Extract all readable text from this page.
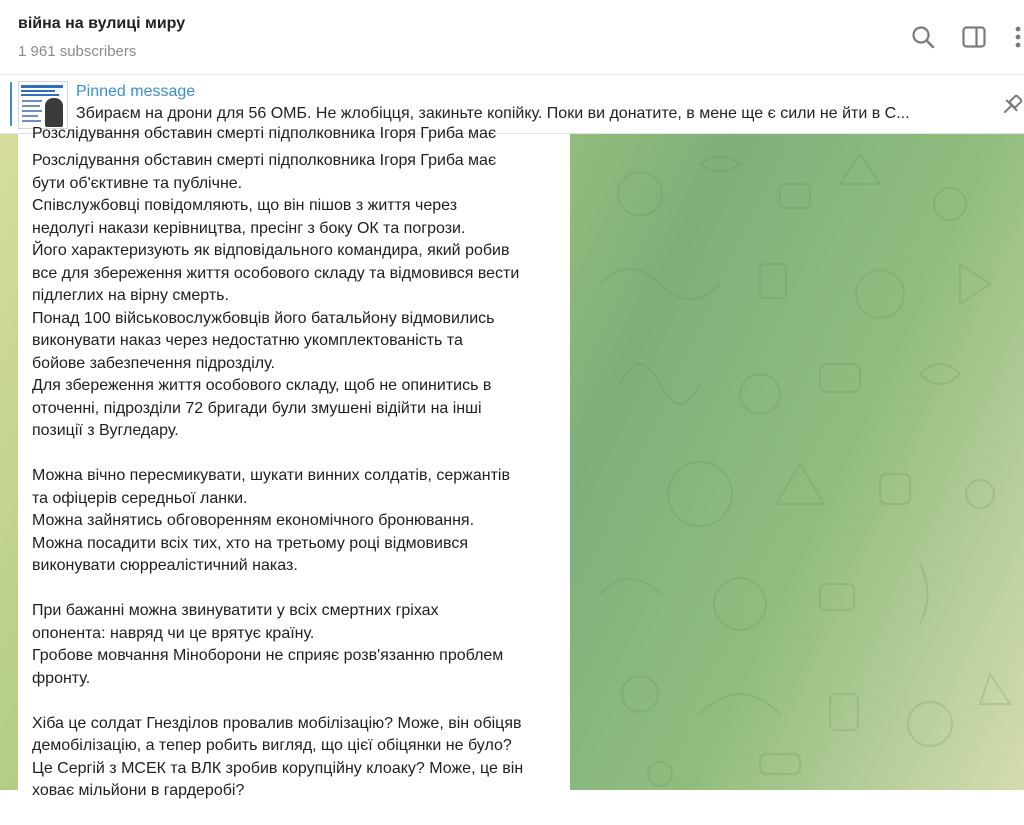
війна на вулиці миру
1 961 subscribers
Pinned message
Збираєм на дрони для 56 ОМБ. Не жлобіцця, закиньте копійку. Поки ви донатите, в мене ще є сили не йти в С...
Розслідування обставин смерті підполковника Ігоря Гриба має
Розслідування обставин смерті підполковника Ігоря Гриба має
бути об'єктивне та публічне.
Співслужбовці повідомляють, що він пішов з життя через
недолугі накази керівництва, пресінг з боку ОК та погрози.
Його характеризують як відповідального командира, який робив
все для збереження життя особового складу та відмовився вести
підлеглих на вірну смерть.
Понад 100 військовослужбовців його батальйону відмовились
виконувати наказ через недостатню укомплектованість та
бойове забезпечення підрозділу.
Для збереження життя особового складу, щоб не опинитись в
оточенні, підрозділи 72 бригади були змушені відійти на інші
позиції з Вугледару.
Можна вічно пересмикувати, шукати винних солдатів, сержантів
та офіцерів середньої ланки.
Можна зайнятись обговоренням економічного бронювання.
Можна посадити всіх тих, хто на третьому році відмовився
виконувати сюрреалістичний наказ.
При бажанні можна звинуватити у всіх смертних гріхах
опонента: навряд чи це врятує країну.
Гробове мовчання Міноборони не сприяє розв'язанню проблем
фронту.
Хіба це солдат Гнезділов провалив мобілізацію? Може, він обіцяв
демобілізацію, а тепер робить вигляд, що цієї обіцянки не було?
Це Сергій з МСЕК та ВЛК зробив корупційну клоаку? Може, це він
ховає мільйони в гардеробі?
